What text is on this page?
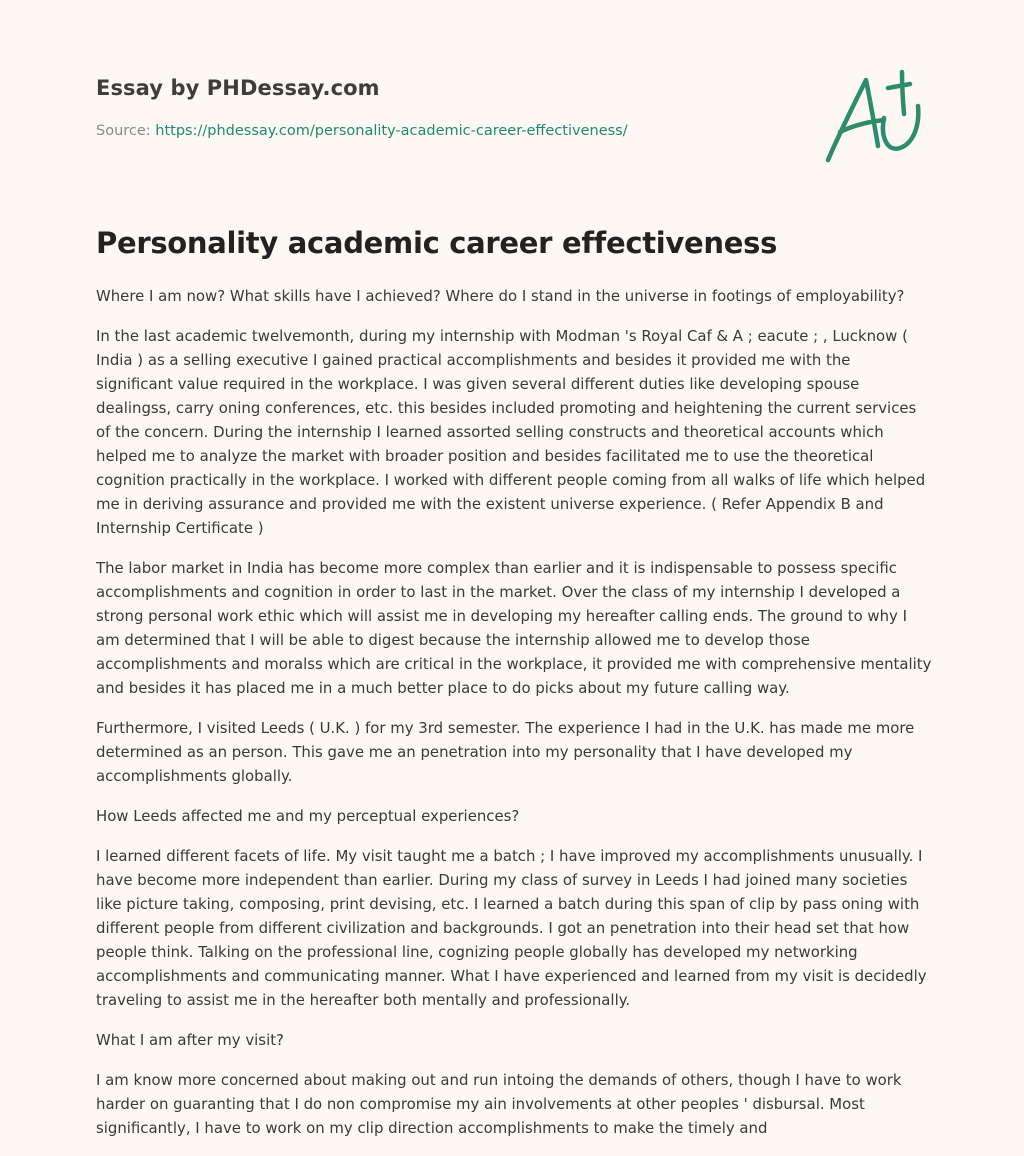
Essay by PHDessay.com
Source: https://phdessay.com/personality-academic-career-effectiveness/
Personality academic career effectiveness

Where I am now? What skills have I achieved? Where do I stand in the universe in footings of employability?

In the last academic twelvemonth, during my internship with Modman 's Royal Caf & A ; eacute ; , Lucknow ( India ) as a selling executive I gained practical accomplishments and besides it provided me with the significant value required in the workplace. I was given several different duties like developing spouse dealingss, carry oning conferences, etc. this besides included promoting and heightening the current services of the concern. During the internship I learned assorted selling constructs and theoretical accounts which helped me to analyze the market with broader position and besides facilitated me to use the theoretical cognition practically in the workplace. I worked with different people coming from all walks of life which helped me in deriving assurance and provided me with the existent universe experience. ( Refer Appendix B and Internship Certificate )

The labor market in India has become more complex than earlier and it is indispensable to possess specific accomplishments and cognition in order to last in the market. Over the class of my internship I developed a strong personal work ethic which will assist me in developing my hereafter calling ends. The ground to why I am determined that I will be able to digest because the internship allowed me to develop those accomplishments and moralss which are critical in the workplace, it provided me with comprehensive mentality and besides it has placed me in a much better place to do picks about my future calling way.

Furthermore, I visited Leeds ( U.K. ) for my 3rd semester. The experience I had in the U.K. has made me more determined as an person. This gave me an penetration into my personality that I have developed my accomplishments globally.

How Leeds affected me and my perceptual experiences?

I learned different facets of life. My visit taught me a batch ; I have improved my accomplishments unusually. I have become more independent than earlier. During my class of survey in Leeds I had joined many societies like picture taking, composing, print devising, etc. I learned a batch during this span of clip by pass oning with different people from different civilization and backgrounds. I got an penetration into their head set that how people think. Talking on the professional line, cognizing people globally has developed my networking accomplishments and communicating manner. What I have experienced and learned from my visit is decidedly traveling to assist me in the hereafter both mentally and professionally.

What I am after my visit?

I am know more concerned about making out and run intoing the demands of others, though I have to work harder on guaranting that I do non compromise my ain involvements at other peoples ' disbursal. Most significantly, I have to work on my clip direction accomplishments to make the timely and
